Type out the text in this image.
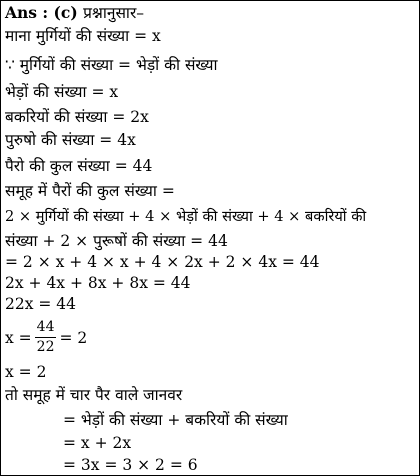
Ans : (c) प्रश्नानुसार–
माना मुर्गियों की संख्या = x
∵ मुर्गियों की संख्या = भेड़ों की संख्या
भेड़ों की संख्या = x
बकरियों की संख्या = 2x
पुरुषो की संख्या = 4x
पैरो की कुल संख्या = 44
समूह में पैरों की कुल संख्या =
2 × मुर्गियों की संख्या + 4 × भेड़ों की संख्या + 4 × बकरियों की
संख्या + 2 × पुरूषों की संख्या = 44
= 2 × x + 4 × x + 4 × 2x + 2 × 4x = 44
2x + 4x + 8x + 8x = 44
22x = 44
$x = \frac{44}{22} = 2$
x = 2
तो समूह में चार पैर वाले जानवर
= भेड़ों की संख्या + बकरियों की संख्या
= x + 2x
= 3x = 3 × 2 = 6
